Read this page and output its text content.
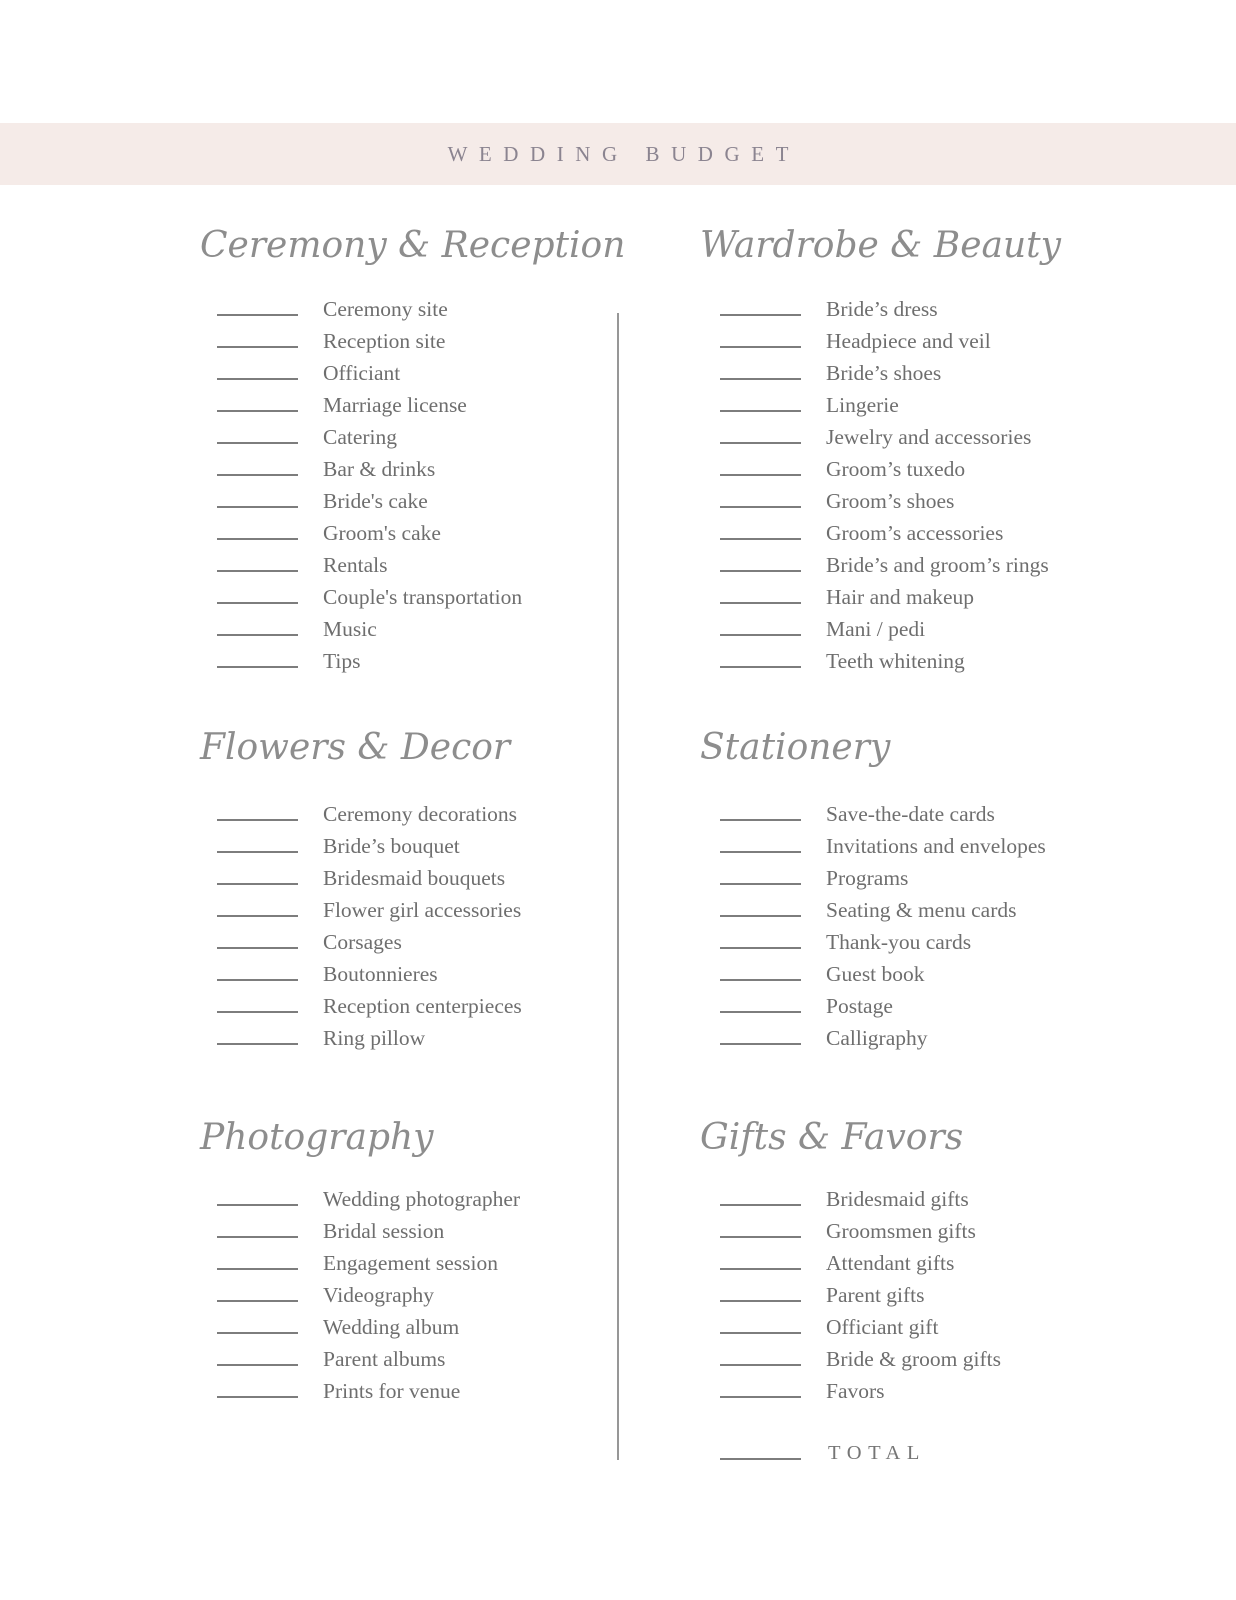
WEDDING BUDGET
Ceremony & Reception
Ceremony site
Reception site
Officiant
Marriage license
Catering
Bar & drinks
Bride's cake
Groom's cake
Rentals
Couple's transportation
Music
Tips
Wardrobe & Beauty
Bride’s dress
Headpiece and veil
Bride’s shoes
Lingerie
Jewelry and accessories
Groom’s tuxedo
Groom’s shoes
Groom’s accessories
Bride’s and groom’s rings
Hair and makeup
Mani / pedi
Teeth whitening
Flowers & Decor
Ceremony decorations
Bride’s bouquet
Bridesmaid bouquets
Flower girl accessories
Corsages
Boutonnieres
Reception centerpieces
Ring pillow
Stationery
Save-the-date cards
Invitations and envelopes
Programs
Seating & menu cards
Thank-you cards
Guest book
Postage
Calligraphy
Photography
Wedding photographer
Bridal session
Engagement session
Videography
Wedding album
Parent albums
Prints for venue
Gifts & Favors
Bridesmaid gifts
Groomsmen gifts
Attendant gifts
Parent gifts
Officiant gift
Bride & groom gifts
Favors
TOTAL
